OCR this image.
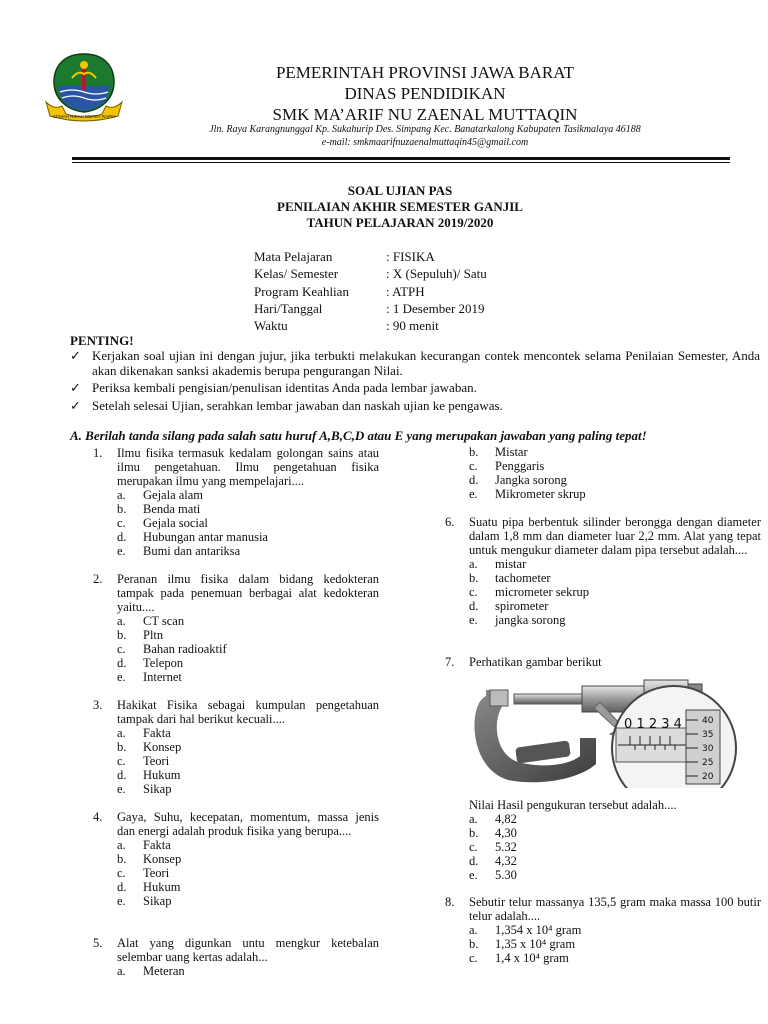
GEMAH RIPAH REPEH RAPIH
PEMERINTAH PROVINSI JAWA BARAT
DINAS PENDIDIKAN
SMK MA’ARIF NU ZAENAL MUTTAQIN
Jln. Raya Karangnunggal Kp. Sukahurip Des. Simpang Kec. Banatarkalong Kabupaten Tasikmalaya 46188
e-mail: smkmaarifnuzaenalmuttaqin45@gmail.com
SOAL UJIAN PAS
PENILAIAN AKHIR SEMESTER GANJIL
TAHUN PELAJARAN 2019/2020
Mata Pelajaran	: FISIKA
Kelas/ Semester	: X (Sepuluh)/ Satu
Program Keahlian	: ATPH
Hari/Tanggal	: 1 Desember 2019
Waktu	: 90 menit
PENTING!
✓ Kerjakan soal ujian ini dengan jujur, jika terbukti melakukan kecurangan contek mencontek selama Penilaian Semester, Anda akan dikenakan sanksi akademis berupa pengurangan Nilai.
✓ Periksa kembali pengisian/penulisan identitas Anda pada lembar jawaban.
✓ Setelah selesai Ujian, serahkan lembar jawaban dan naskah ujian ke pengawas.
A. Berilah tanda silang pada salah satu huruf A,B,C,D atau E yang merupakan jawaban yang paling tepat!
1. Ilmu fisika termasuk kedalam golongan sains atau ilmu pengetahuan. Ilmu pengetahuan fisika merupakan ilmu yang mempelajari....
a. Gejala alam
b. Benda mati
c. Gejala social
d. Hubungan antar manusia
e. Bumi dan antariksa
2. Peranan ilmu fisika dalam bidang kedokteran tampak pada penemuan berbagai alat kedokteran yaitu....
a. CT scan
b. Pltn
c. Bahan radioaktif
d. Telepon
e. Internet
3. Hakikat Fisika sebagai kumpulan pengetahuan tampak dari hal berikut kecuali....
a. Fakta
b. Konsep
c. Teori
d. Hukum
e. Sikap
4. Gaya, Suhu, kecepatan, momentum, massa jenis dan energi adalah produk fisika yang berupa....
a. Fakta
b. Konsep
c. Teori
d. Hukum
e. Sikap
5. Alat yang digunkan untu mengkur ketebalan selembar uang kertas adalah...
a. Meteran
b. Mistar
c. Penggaris
d. Jangka sorong
e. Mikrometer skrup
6. Suatu pipa berbentuk silinder berongga dengan diameter dalam 1,8 mm dan diameter luar 2,2 mm. Alat yang tepat untuk mengukur diameter dalam pipa tersebut adalah....
a. mistar
b. tachometer
c. micrometer sekrup
d. spirometer
e. jangka sorong
7. Perhatikan gambar berikut
0 1 2 3 4 40
35
30
25
20
Nilai Hasil pengukuran tersebut adalah....
a. 4,82
b. 4,30
c. 5.32
d. 4,32
e. 5.30
8. Sebutir telur massanya 135,5 gram maka massa 100 butir telur adalah....
a. 1,354 x 10⁴ gram
b. 1,35 x 10⁴ gram
c. 1,4 x 10⁴ gram
